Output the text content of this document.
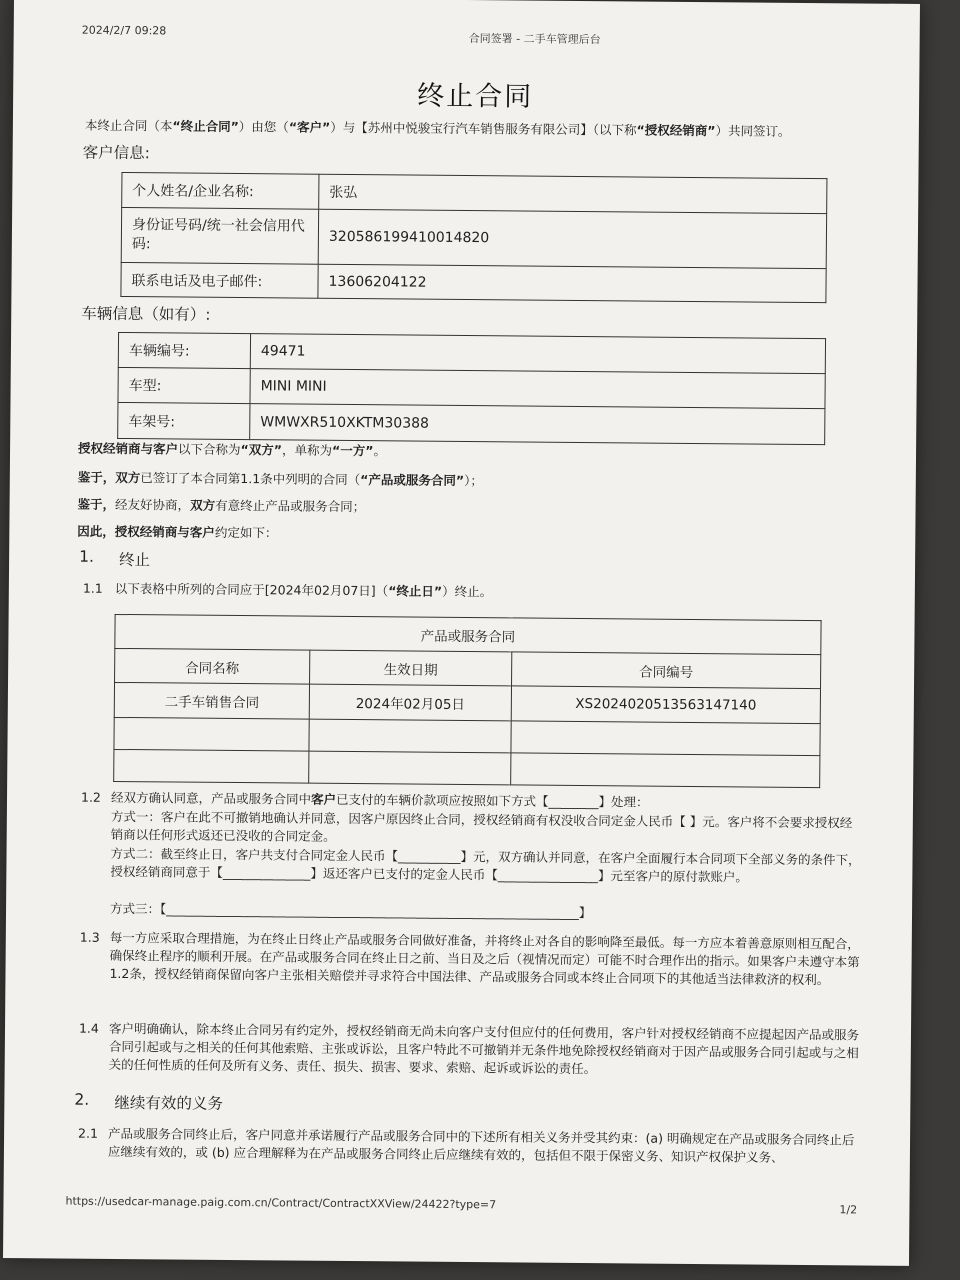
2024/2/7 09:28
合同签署 - 二手车管理后台
终止合同
本终止合同（本“终止合同”）由您（“客户”）与【苏州中悦骏宝行汽车销售服务有限公司】（以下称“授权经销商”）共同签订。
客户信息:
个人姓名/企业名称:	张弘
身份证号码/统一社会信用代码:	320586199410014820
联系电话及电子邮件:	13606204122
车辆信息（如有）:
车辆编号:	49471
车型:	MINI MINI
车架号:	WMWXR510XKTM30388
授权经销商与客户以下合称为“双方”，单称为“一方”。
鉴于，双方已签订了本合同第1.1条中列明的合同（“产品或服务合同”）；
鉴于，经友好协商，双方有意终止产品或服务合同；
因此，授权经销商与客户约定如下：
1. 终止
1.1 以下表格中所列的合同应于[2024年02月07日]（“终止日”）终止。
产品或服务合同		
合同名称	生效日期	合同编号
二手车销售合同	2024年02月05日	XS20240205135631471​40

1.2 经双方确认同意，产品或服务合同中客户已支付的车辆价款项应按照如下方式【________】处理：
方式一：客户在此不可撤销地确认并同意，因客户原因终止合同，授权经销商有权没收合同定金人民币【 】元。客户将不会要求授权经销商以任何形式返还已没收的合同定金。
方式二：截至终止日，客户共支付合同定金人民币【__________】元，双方确认并同意，在客户全面履行本合同项下全部义务的条件下，授权经销商同意于【______________】返还客户已支付的定金人民币【________________】元至客户的原付款账户。
方式三：【__________________________________________________________________】
1.3 每一方应采取合理措施，为在终止日终止产品或服务合同做好准备，并将终止对各自的影响降至最低。每一方应本着善意原则相互配合，确保终止程序的顺利开展。在产品或服务合同在终止日之前、当日及之后（视情况而定）可能不时合理作出的指示。如果客户未遵守本第1.2条，授权经销商保留向客户主张相关赔偿并寻求符合中国法律、产品或服务合同或本终止合同项下的其他适当法律救济的权利。
1.4 客户明确确认，除本终止合同另有约定外，授权经销商无尚未向客户支付但应付的任何费用，客户针对授权经销商不应提起因产品或服务合同引起或与之相关的任何其他索赔、主张或诉讼，且客户特此不可撤销并无条件地免除授权经销商对于因产品或服务合同引起或与之相关的任何性质的任何及所有义务、责任、损失、损害、要求、索赔、起诉或诉讼的责任。
2. 继续有效的义务
2.1 产品或服务合同终止后，客户同意并承诺履行产品或服务合同中的下述所有相关义务并受其约束：(a) 明确规定在产品或服务合同终止后应继续有效的，或 (b) 应合理解释为在产品或服务合同终止后应继续有效的，包括但不限于保密义务、知识产权保护义务、
https://usedcar-manage.paig.com.cn/Contract/ContractXXView/24422?type=7	1/2
